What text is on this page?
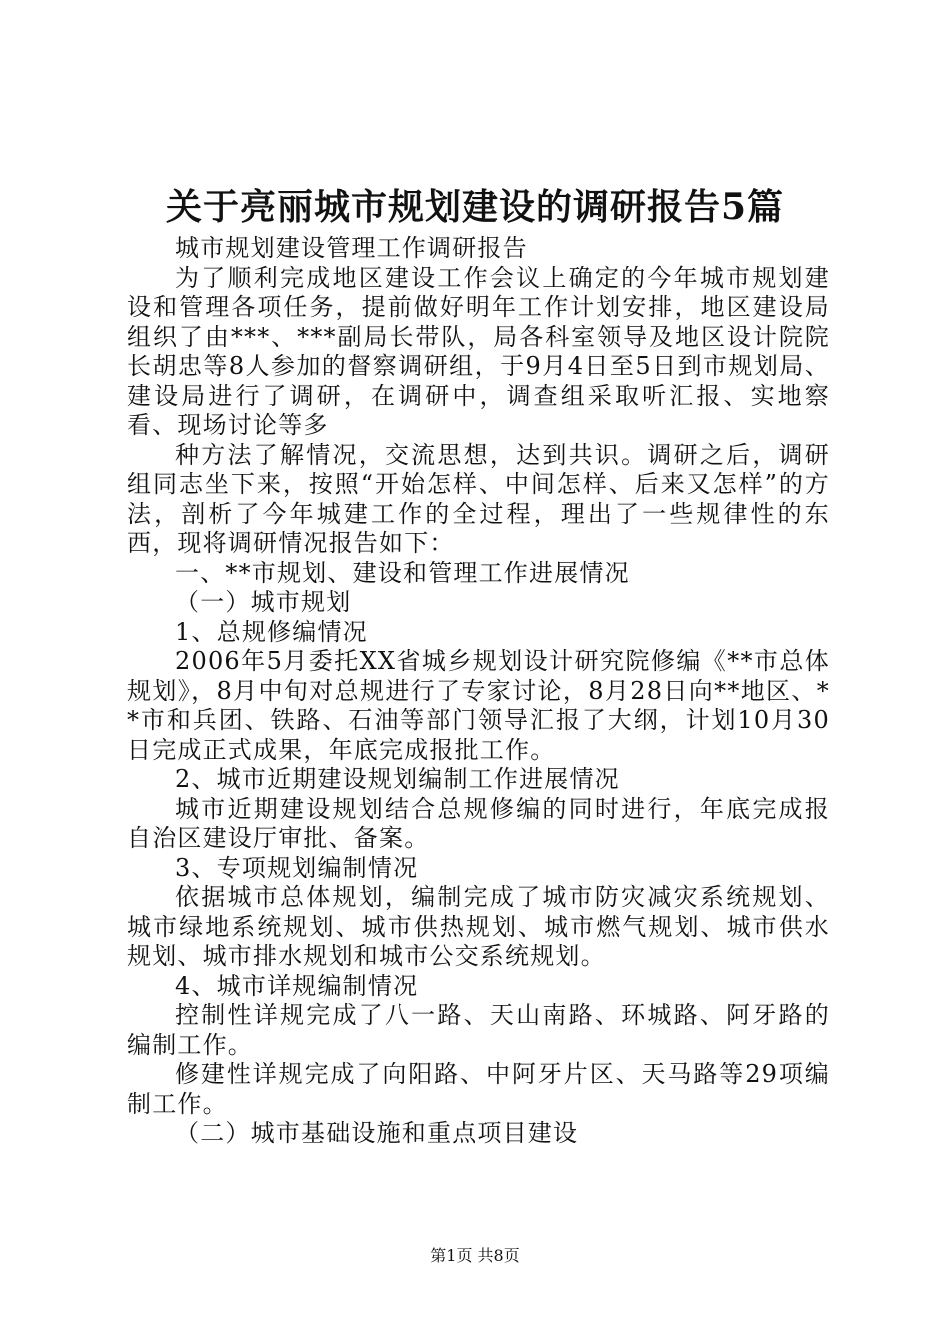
关于亮丽城市规划建设的调研报告5篇

城市规划建设管理工作调研报告

为了顺利完成地区建设工作会议上确定的今年城市规划建设和管理各项任务，提前做好明年工作计划安排，地区建设局组织了由***、***副局长带队，局各科室领导及地区设计院院长胡忠等8人参加的督察调研组，于9月4日至5日到市规划局、建设局进行了调研，在调研中，调查组采取听汇报、实地察看、现场讨论等多

种方法了解情况，交流思想，达到共识。调研之后，调研组同志坐下来，按照“开始怎样、中间怎样、后来又怎样”的方法，剖析了今年城建工作的全过程，理出了一些规律性的东西，现将调研情况报告如下：

一、**市规划、建设和管理工作进展情况

（一）城市规划

1、总规修编情况

2006年5月委托XX省城乡规划设计研究院修编《**市总体规划》，8月中旬对总规进行了专家讨论，8月28日向**地区、**市和兵团、铁路、石油等部门领导汇报了大纲，计划10月30日完成正式成果，年底完成报批工作。

2、城市近期建设规划编制工作进展情况

城市近期建设规划结合总规修编的同时进行，年底完成报自治区建设厅审批、备案。

3、专项规划编制情况

依据城市总体规划，编制完成了城市防灾减灾系统规划、城市绿地系统规划、城市供热规划、城市燃气规划、城市供水规划、城市排水规划和城市公交系统规划。

4、城市详规编制情况

控制性详规完成了八一路、天山南路、环城路、阿牙路的编制工作。

修建性详规完成了向阳路、中阿牙片区、天马路等29项编制工作。

（二）城市基础设施和重点项目建设

第1页 共8页
